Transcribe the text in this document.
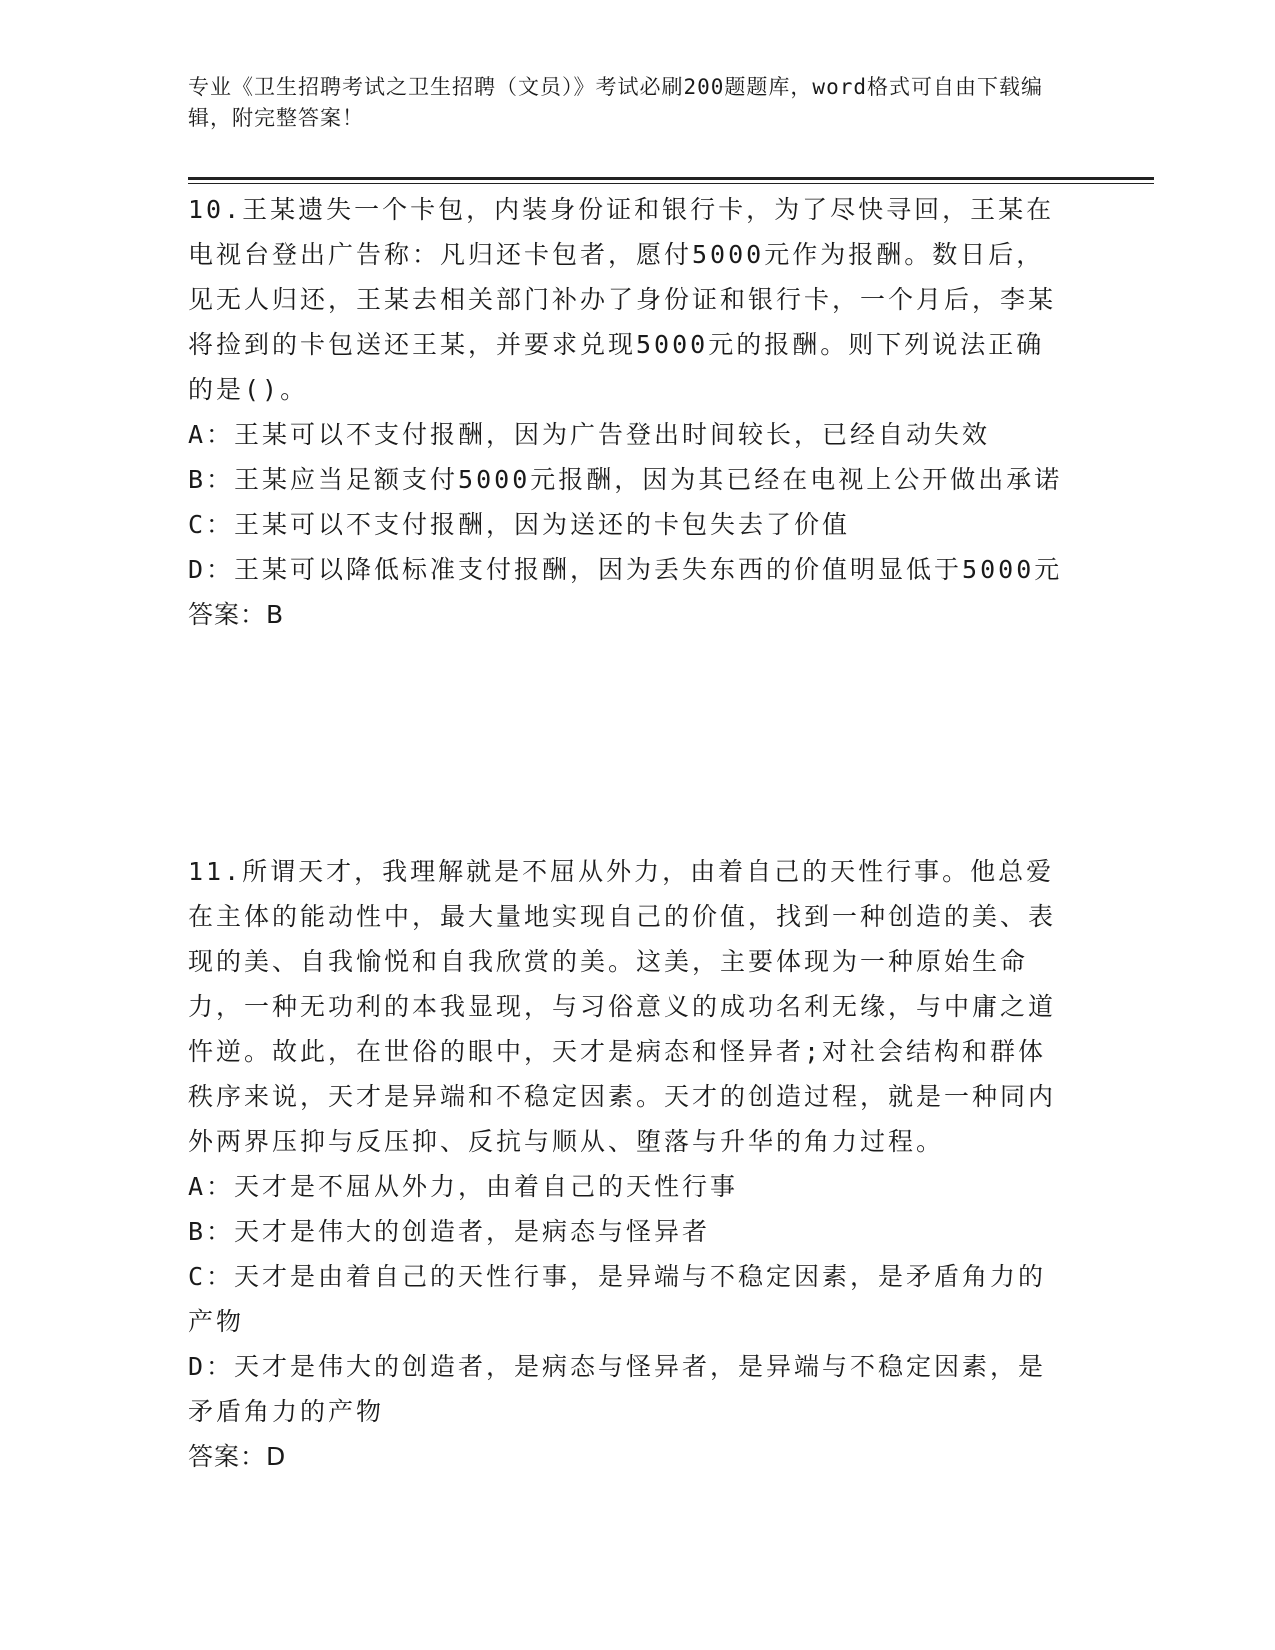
专业《卫生招聘考试之卫生招聘（文员）》考试必刷200题题库，word格式可自由下载编辑，附完整答案！

10.王某遗失一个卡包，内装身份证和银行卡，为了尽快寻回，王某在电视台登出广告称：凡归还卡包者，愿付5000元作为报酬。数日后，见无人归还，王某去相关部门补办了身份证和银行卡，一个月后，李某将捡到的卡包送还王某，并要求兑现5000元的报酬。则下列说法正确的是()。

A：王某可以不支付报酬，因为广告登出时间较长，已经自动失效

B：王某应当足额支付5000元报酬，因为其已经在电视上公开做出承诺

C：王某可以不支付报酬，因为送还的卡包失去了价值

D：王某可以降低标准支付报酬，因为丢失东西的价值明显低于5000元

答案：B

11.所谓天才，我理解就是不屈从外力，由着自己的天性行事。他总爱在主体的能动性中，最大量地实现自己的价值，找到一种创造的美、表现的美、自我愉悦和自我欣赏的美。这美，主要体现为一种原始生命力，一种无功利的本我显现，与习俗意义的成功名利无缘，与中庸之道忤逆。故此，在世俗的眼中，天才是病态和怪异者;对社会结构和群体秩序来说，天才是异端和不稳定因素。天才的创造过程，就是一种同内外两界压抑与反压抑、反抗与顺从、堕落与升华的角力过程。

A：天才是不屈从外力，由着自己的天性行事

B：天才是伟大的创造者，是病态与怪异者

C：天才是由着自己的天性行事，是异端与不稳定因素，是矛盾角力的产物

D：天才是伟大的创造者，是病态与怪异者，是异端与不稳定因素，是矛盾角力的产物

答案：D
